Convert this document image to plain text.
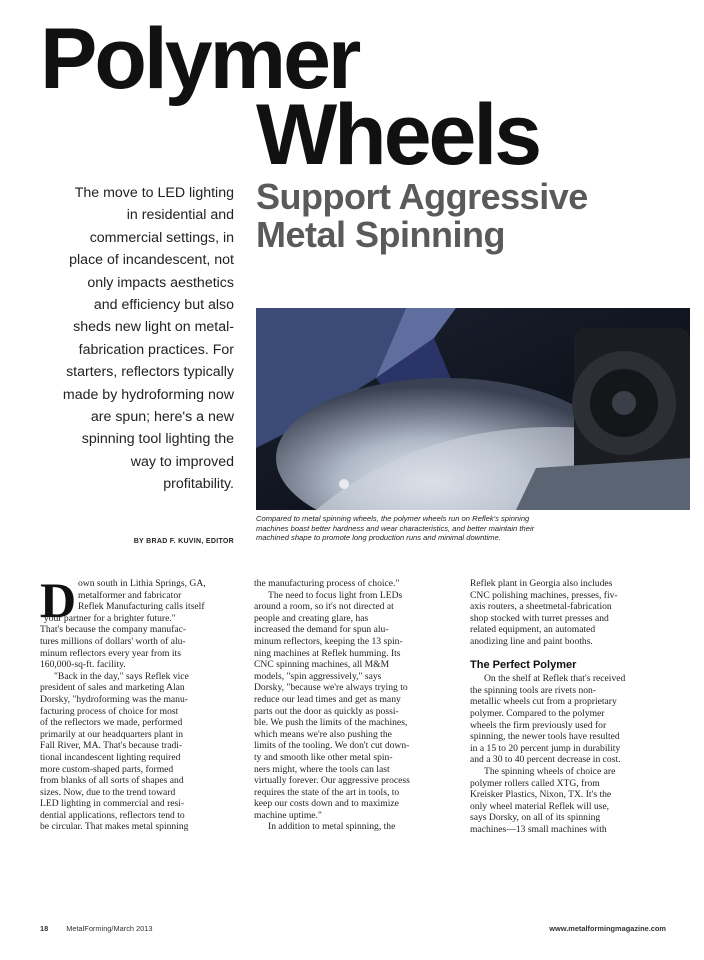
Polymer
Wheels
Support Aggressive
Metal Spinning
The move to LED lighting
in residential and
commercial settings, in
place of incandescent, not
only impacts aesthetics
and efficiency but also
sheds new light on metal-
fabrication practices. For
starters, reflectors typically
made by hydroforming now
are spun; here's a new
spinning tool lighting the
way to improved
profitability.
BY BRAD F. KUVIN, EDITOR
Compared to metal spinning wheels, the polymer wheels run on Reflek's spinning
machines boast better hardness and wear characteristics, and better maintain their
machined shape to promote long production runs and minimal downtime.
D own south in Lithia Springs, GA,
metalformer and fabricator
Reflek Manufacturing calls itself
"your partner for a brighter future."
That's because the company manufac-
tures millions of dollars' worth of alu-
minum reflectors every year from its
160,000-sq-ft. facility.
"Back in the day," says Reflek vice
president of sales and marketing Alan
Dorsky, "hydroforming was the manu-
facturing process of choice for most
of the reflectors we made, performed
primarily at our headquarters plant in
Fall River, MA. That's because tradi-
tional incandescent lighting required
more custom-shaped parts, formed
from blanks of all sorts of shapes and
sizes. Now, due to the trend toward
LED lighting in commercial and resi-
dential applications, reflectors tend to
be circular. That makes metal spinning
the manufacturing process of choice."
The need to focus light from LEDs
around a room, so it's not directed at
people and creating glare, has
increased the demand for spun alu-
minum reflectors, keeping the 13 spin-
ning machines at Reflek humming. Its
CNC spinning machines, all M&M
models, "spin aggressively," says
Dorsky, "because we're always trying to
reduce our lead times and get as many
parts out the door as quickly as possi-
ble. We push the limits of the machines,
which means we're also pushing the
limits of the tooling. We don't cut down-
ty and smooth like other metal spin-
ners might, where the tools can last
virtually forever. Our aggressive process
requires the state of the art in tools, to
keep our costs down and to maximize
machine uptime."
In addition to metal spinning, the
Reflek plant in Georgia also includes
CNC polishing machines, presses, fiv-
axis routers, a sheetmetal-fabrication
shop stocked with turret presses and
related equipment, an automated
anodizing line and paint booths.
The Perfect Polymer
On the shelf at Reflek that's received
the spinning tools are rivets non-
metallic wheels cut from a proprietary
polymer. Compared to the polymer
wheels the firm previously used for
spinning, the newer tools have resulted
in a 15 to 20 percent jump in durability
and a 30 to 40 percent decrease in cost.
The spinning wheels of choice are
polymer rollers called XTG, from
Kreisker Plastics, Nixon, TX. It's the
only wheel material Reflek will use,
says Dorsky, on all of its spinning
machines—13 small machines with
18 MetalForming/March 2013	www.metalformingmagazine.com
